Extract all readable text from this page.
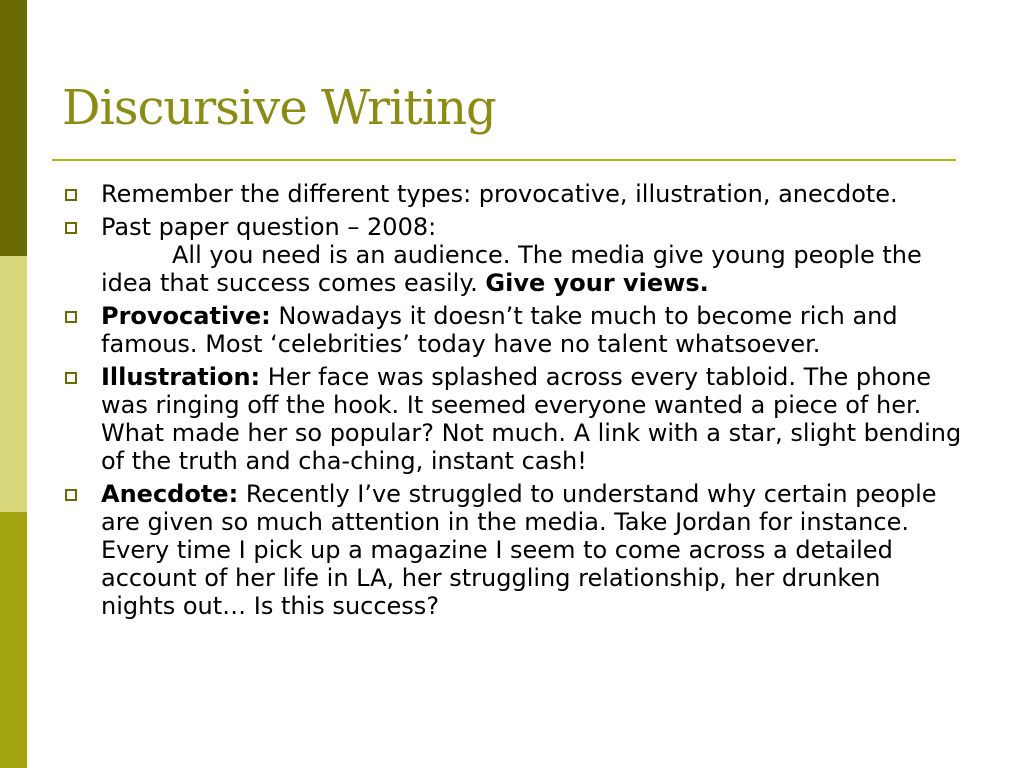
Discursive Writing
Remember the different types: provocative, illustration, anecdote.
Past paper question – 2008:
All you need is an audience. The media give young people the idea that success comes easily. Give your views.
Provocative: Nowadays it doesn’t take much to become rich and famous. Most ‘celebrities’ today have no talent whatsoever.
Illustration: Her face was splashed across every tabloid. The phone was ringing off the hook. It seemed everyone wanted a piece of her. What made her so popular? Not much. A link with a star, slight bending of the truth and cha-ching, instant cash!
Anecdote: Recently I’ve struggled to understand why certain people are given so much attention in the media. Take Jordan for instance. Every time I pick up a magazine I seem to come across a detailed account of her life in LA, her struggling relationship, her drunken nights out… Is this success?
